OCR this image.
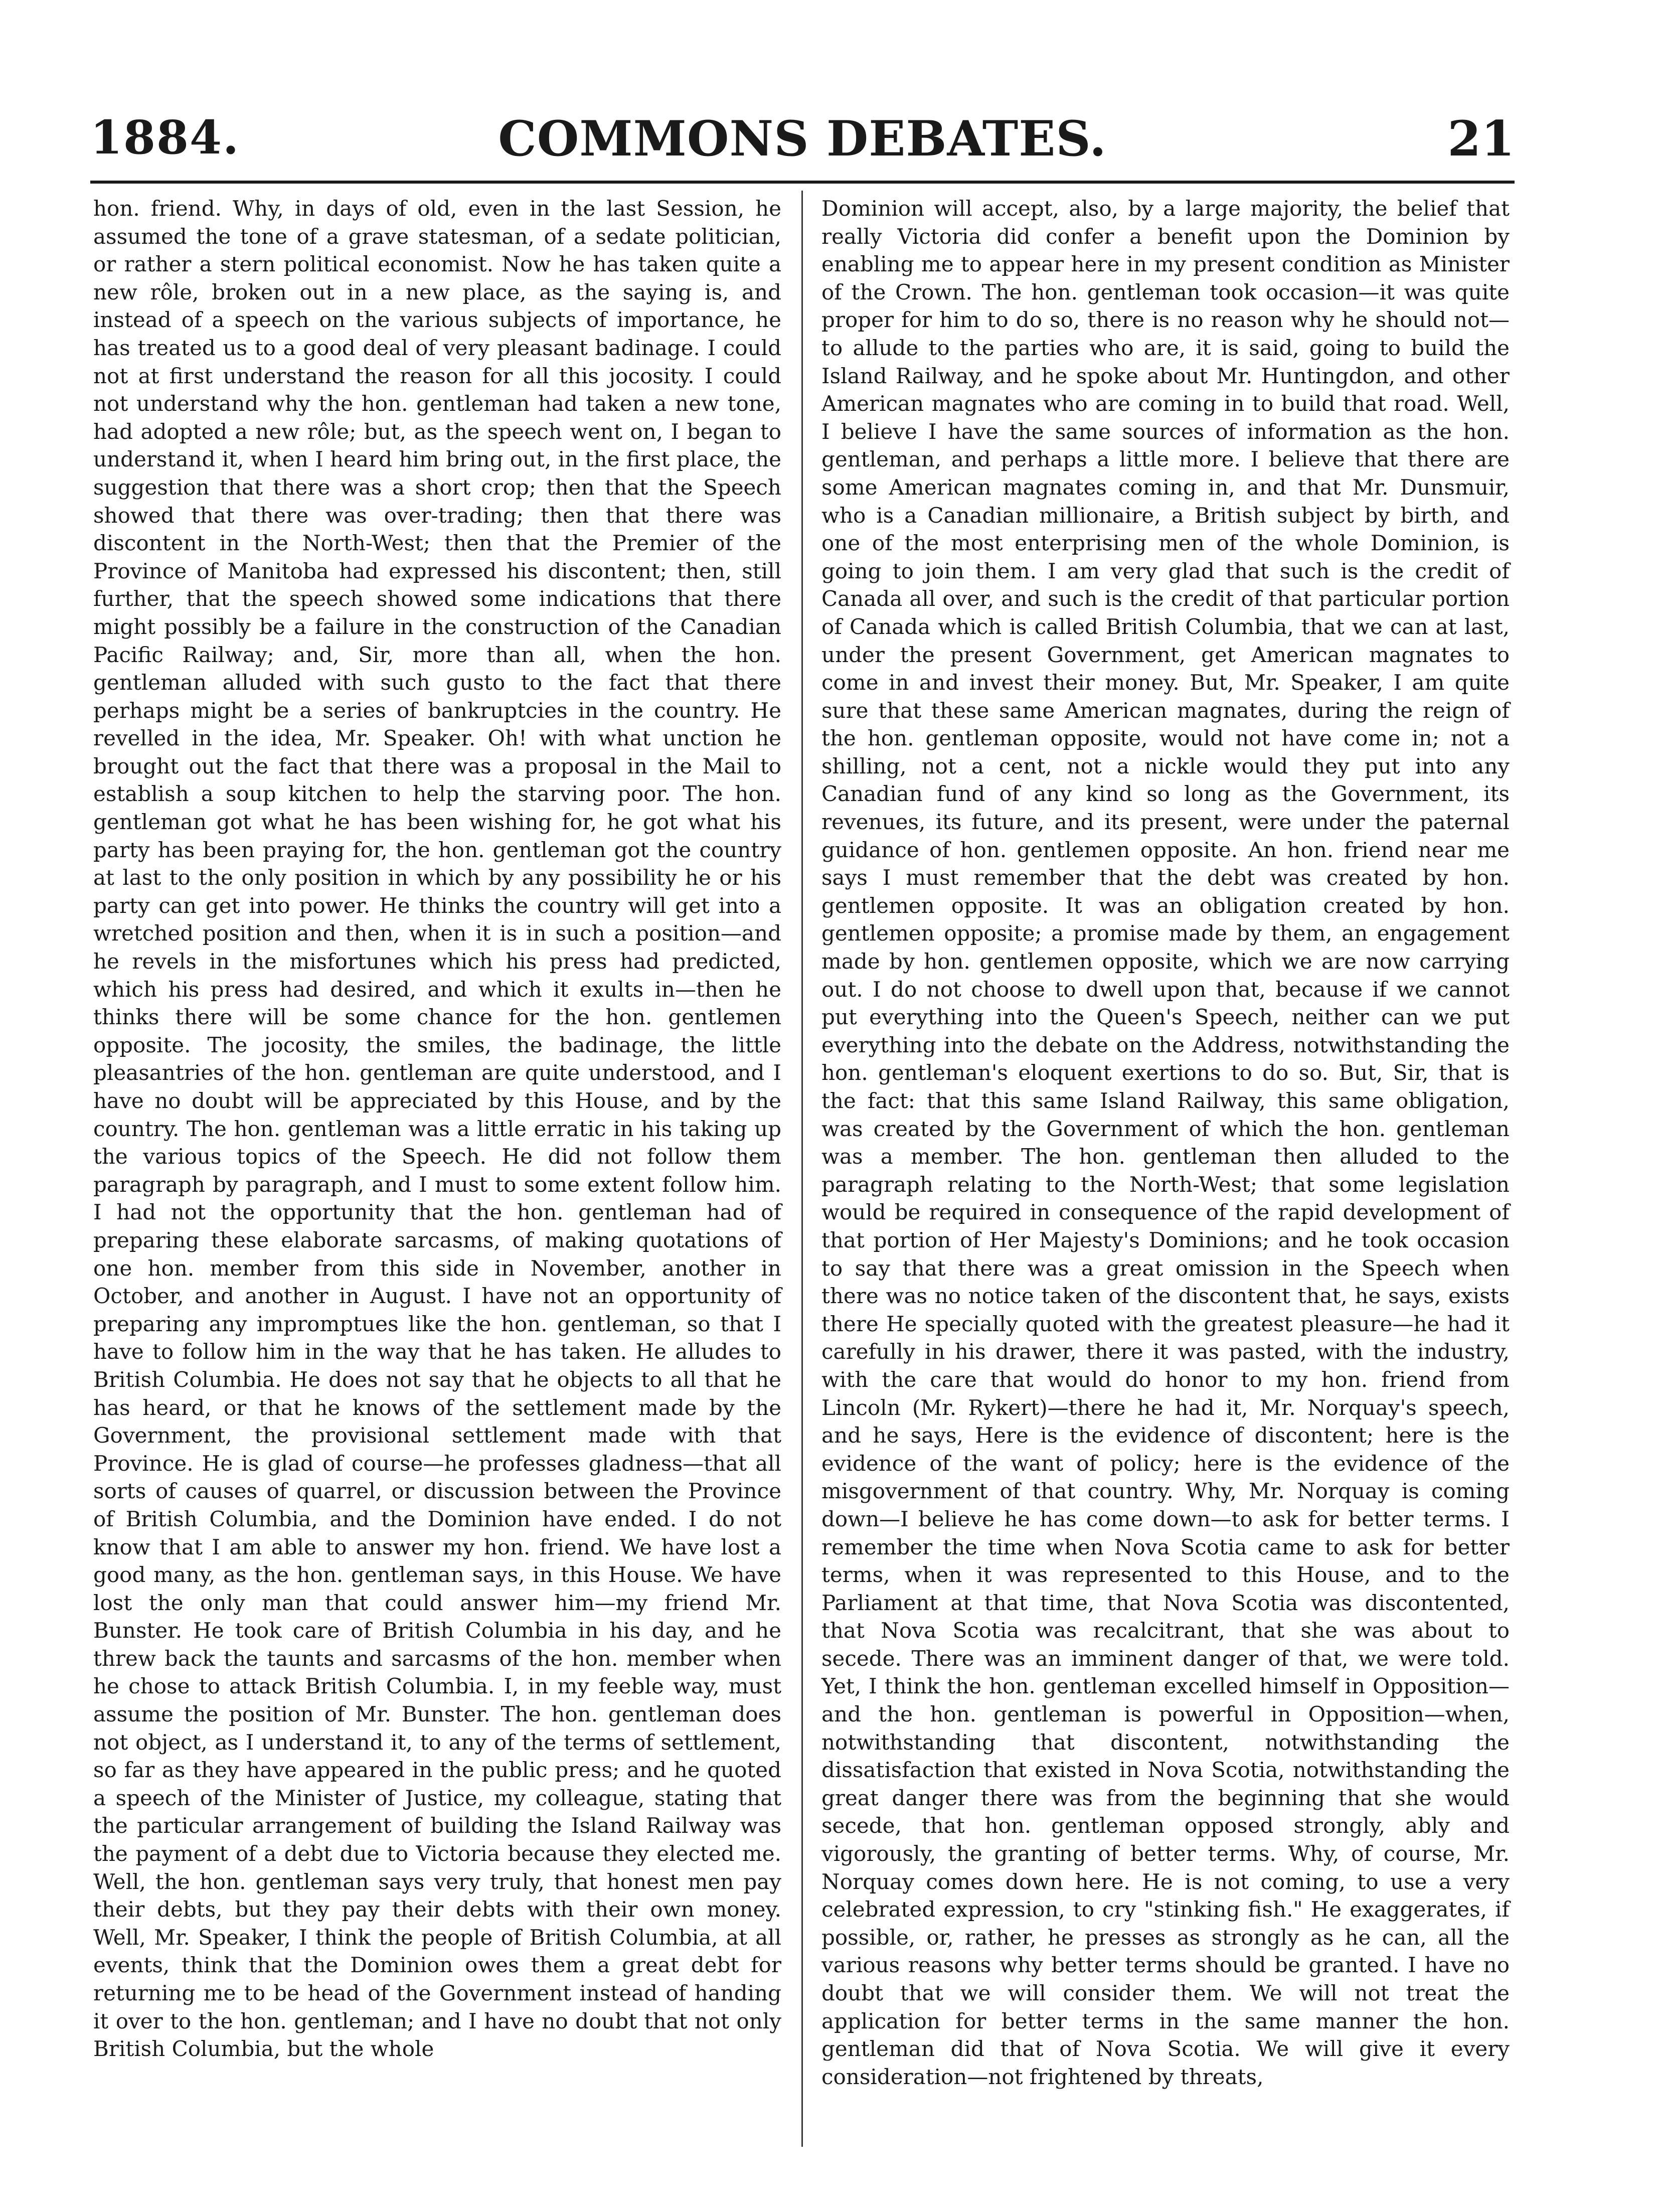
1884.	COMMONS DEBATES.	21

hon. friend. Why, in days of old, even in the last Session, he assumed the tone of a grave statesman, of a sedate politician, or rather a stern political economist. Now he has taken quite a new rôle, broken out in a new place, as the saying is, and instead of a speech on the various subjects of importance, he has treated us to a good deal of very pleasant badinage. I could not at first understand the reason for all this jocosity. I could not understand why the hon. gentleman had taken a new tone, had adopted a new rôle; but, as the speech went on, I began to understand it, when I heard him bring out, in the first place, the suggestion that there was a short crop; then that the Speech showed that there was over-trading; then that there was discontent in the North-West; then that the Premier of the Province of Manitoba had expressed his discontent; then, still further, that the speech showed some indications that there might possibly be a failure in the construction of the Canadian Pacific Railway; and, Sir, more than all, when the hon. gentleman alluded with such gusto to the fact that there perhaps might be a series of bankruptcies in the country. He revelled in the idea, Mr. Speaker. Oh! with what unction he brought out the fact that there was a proposal in the Mail to establish a soup kitchen to help the starving poor. The hon. gentleman got what he has been wishing for, he got what his party has been praying for, the hon. gentleman got the country at last to the only position in which by any possibility he or his party can get into power. He thinks the country will get into a wretched position and then, when it is in such a position—and he revels in the misfortunes which his press had predicted, which his press had desired, and which it exults in—then he thinks there will be some chance for the hon. gentlemen opposite. The jocosity, the smiles, the badinage, the little pleasantries of the hon. gentleman are quite understood, and I have no doubt will be appreciated by this House, and by the country. The hon. gentleman was a little erratic in his taking up the various topics of the Speech. He did not follow them paragraph by paragraph, and I must to some extent follow him. I had not the opportunity that the hon. gentleman had of preparing these elaborate sarcasms, of making quotations of one hon. member from this side in November, another in October, and another in August. I have not an opportunity of preparing any impromptues like the hon. gentleman, so that I have to follow him in the way that he has taken. He alludes to British Columbia. He does not say that he objects to all that he has heard, or that he knows of the settlement made by the Government, the provisional settlement made with that Province. He is glad of course—he professes gladness—that all sorts of causes of quarrel, or discussion between the Province of British Columbia, and the Dominion have ended. I do not know that I am able to answer my hon. friend. We have lost a good many, as the hon. gentleman says, in this House. We have lost the only man that could answer him—my friend Mr. Bunster. He took care of British Columbia in his day, and he threw back the taunts and sarcasms of the hon. member when he chose to attack British Columbia. I, in my feeble way, must assume the position of Mr. Bunster. The hon. gentleman does not object, as I understand it, to any of the terms of settlement, so far as they have appeared in the public press; and he quoted a speech of the Minister of Justice, my colleague, stating that the particular arrangement of building the Island Railway was the payment of a debt due to Victoria because they elected me. Well, the hon. gentleman says very truly, that honest men pay their debts, but they pay their debts with their own money. Well, Mr. Speaker, I think the people of British Columbia, at all events, think that the Dominion owes them a great debt for returning me to be head of the Government instead of handing it over to the hon. gentleman; and I have no doubt that not only British Columbia, but the whole

Dominion will accept, also, by a large majority, the belief that really Victoria did confer a benefit upon the Dominion by enabling me to appear here in my present condition as Minister of the Crown. The hon. gentleman took occasion—it was quite proper for him to do so, there is no reason why he should not—to allude to the parties who are, it is said, going to build the Island Railway, and he spoke about Mr. Huntingdon, and other American magnates who are coming in to build that road. Well, I believe I have the same sources of information as the hon. gentleman, and perhaps a little more. I believe that there are some American magnates coming in, and that Mr. Dunsmuir, who is a Canadian millionaire, a British subject by birth, and one of the most enterprising men of the whole Dominion, is going to join them. I am very glad that such is the credit of Canada all over, and such is the credit of that particular portion of Canada which is called British Columbia, that we can at last, under the present Government, get American magnates to come in and invest their money. But, Mr. Speaker, I am quite sure that these same American magnates, during the reign of the hon. gentleman opposite, would not have come in; not a shilling, not a cent, not a nickle would they put into any Canadian fund of any kind so long as the Government, its revenues, its future, and its present, were under the paternal guidance of hon. gentlemen opposite. An hon. friend near me says I must remember that the debt was created by hon. gentlemen opposite. It was an obligation created by hon. gentlemen opposite; a promise made by them, an engagement made by hon. gentlemen opposite, which we are now carrying out. I do not choose to dwell upon that, because if we cannot put everything into the Queen's Speech, neither can we put everything into the debate on the Address, notwithstanding the hon. gentleman's eloquent exertions to do so. But, Sir, that is the fact: that this same Island Railway, this same obligation, was created by the Government of which the hon. gentleman was a member. The hon. gentleman then alluded to the paragraph relating to the North-West; that some legislation would be required in consequence of the rapid development of that portion of Her Majesty's Dominions; and he took occasion to say that there was a great omission in the Speech when there was no notice taken of the discontent that, he says, exists there He specially quoted with the greatest pleasure—he had it carefully in his drawer, there it was pasted, with the industry, with the care that would do honor to my hon. friend from Lincoln (Mr. Rykert)—there he had it, Mr. Norquay's speech, and he says, Here is the evidence of discontent; here is the evidence of the want of policy; here is the evidence of the misgovernment of that country. Why, Mr. Norquay is coming down—I believe he has come down—to ask for better terms. I remember the time when Nova Scotia came to ask for better terms, when it was represented to this House, and to the Parliament at that time, that Nova Scotia was discontented, that Nova Scotia was recalcitrant, that she was about to secede. There was an imminent danger of that, we were told. Yet, I think the hon. gentleman excelled himself in Opposition—and the hon. gentleman is powerful in Opposition—when, notwithstanding that discontent, notwithstanding the dissatisfaction that existed in Nova Scotia, notwithstanding the great danger there was from the beginning that she would secede, that hon. gentleman opposed strongly, ably and vigorously, the granting of better terms. Why, of course, Mr. Norquay comes down here. He is not coming, to use a very celebrated expression, to cry "stinking fish." He exaggerates, if possible, or, rather, he presses as strongly as he can, all the various reasons why better terms should be granted. I have no doubt that we will consider them. We will not treat the application for better terms in the same manner the hon. gentleman did that of Nova Scotia. We will give it every consideration—not frightened by threats,
